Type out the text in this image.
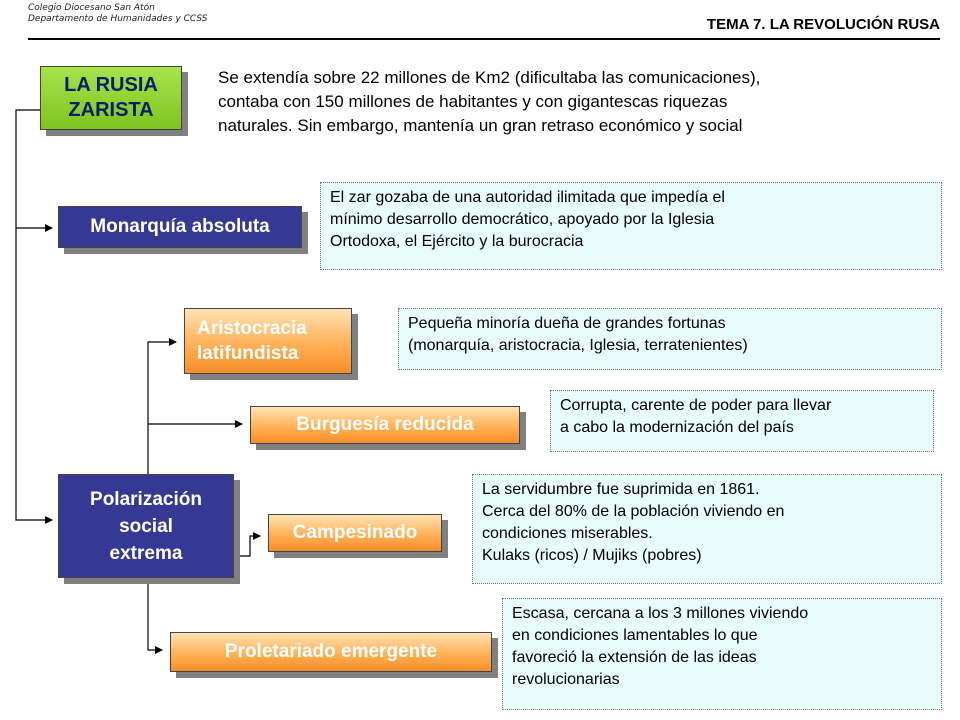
Colegio Diocesano San Atón
Departamento de Humanidades y CCSS	TEMA 7. LA REVOLUCIÓN RUSA
LA RUSIA
ZARISTA
Se extendía sobre 22 millones de Km2 (dificultaba las comunicaciones),
contaba con 150 millones de habitantes y con gigantescas riquezas
naturales. Sin embargo, mantenía un gran retraso económico y social
Monarquía absoluta
El zar gozaba de una autoridad ilimitada que impedía el
mínimo desarrollo democrático, apoyado por la Iglesia
Ortodoxa, el Ejército y la burocracia
Aristocracia
latifundista
Pequeña minoría dueña de grandes fortunas
(monarquía, aristocracia, Iglesia, terratenientes)
Burguesía reducida
Corrupta, carente de poder para llevar
a cabo la modernización del país
Polarización
social
extrema
Campesinado
La servidumbre fue suprimida en 1861.
Cerca del 80% de la población viviendo en
condiciones miserables.
Kulaks (ricos) / Mujiks (pobres)
Proletariado emergente
Escasa, cercana a los 3 millones viviendo
en condiciones lamentables lo que
favoreció la extensión de las ideas
revolucionarias
